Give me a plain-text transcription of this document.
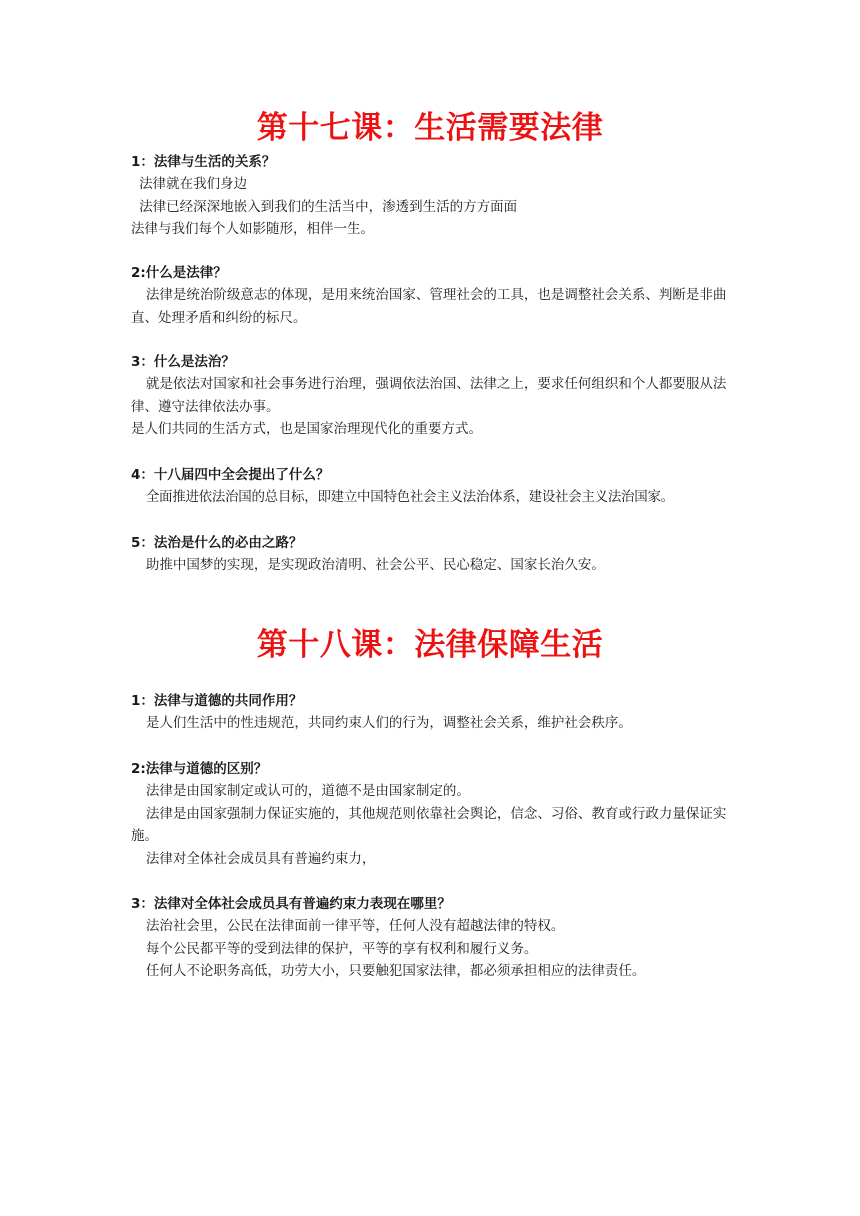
第十七课：生活需要法律

1：法律与生活的关系？

法律就在我们身边

法律已经深深地嵌入到我们的生活当中，渗透到生活的方方面面

法律与我们每个人如影随形，相伴一生。

2:什么是法律？

法律是统治阶级意志的体现，是用来统治国家、管理社会的工具，也是调整社会关系、判断是非曲直、处理矛盾和纠纷的标尺。

3：什么是法治？

就是依法对国家和社会事务进行治理，强调依法治国、法律之上，要求任何组织和个人都要服从法律、遵守法律依法办事。

是人们共同的生活方式，也是国家治理现代化的重要方式。

4：十八届四中全会提出了什么？

全面推进依法治国的总目标，即建立中国特色社会主义法治体系，建设社会主义法治国家。

5：法治是什么的必由之路？

助推中国梦的实现，是实现政治清明、社会公平、民心稳定、国家长治久安。

第十八课：法律保障生活

1：法律与道德的共同作用？

是人们生活中的性违规范，共同约束人们的行为，调整社会关系，维护社会秩序。

2:法律与道德的区别？

法律是由国家制定或认可的，道德不是由国家制定的。

法律是由国家强制力保证实施的，其他规范则依靠社会舆论，信念、习俗、教育或行政力量保证实施。

法律对全体社会成员具有普遍约束力，

3：法律对全体社会成员具有普遍约束力表现在哪里？

法治社会里，公民在法律面前一律平等，任何人没有超越法律的特权。

每个公民都平等的受到法律的保护，平等的享有权利和履行义务。

任何人不论职务高低，功劳大小，只要触犯国家法律，都必须承担相应的法律责任。
